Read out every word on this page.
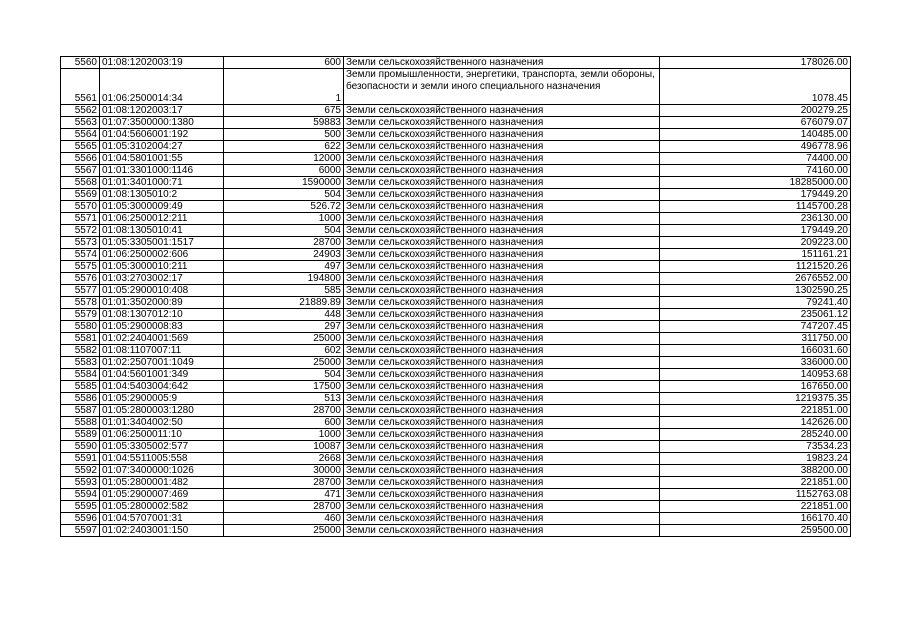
5560	01:08:1202003:19	600	Земли сельскохозяйственного назначения	178026.00
5561	01:06:2500014:34	1	Земли промышленности, энергетики, транспорта, земли обороны, безопасности и земли иного специального назначения	1078.45
5562	01:08:1202003:17	675	Земли сельскохозяйственного назначения	200279.25
5563	01:07:3500000:1380	59883	Земли сельскохозяйственного назначения	676079.07
5564	01:04:5606001:192	500	Земли сельскохозяйственного назначения	140485.00
5565	01:05:3102004:27	622	Земли сельскохозяйственного назначения	496778.96
5566	01:04:5801001:55	12000	Земли сельскохозяйственного назначения	74400.00
5567	01:01:3301000:1146	6000	Земли сельскохозяйственного назначения	74160.00
5568	01:01:3401000:71	1590000	Земли сельскохозяйственного назначения	18285000.00
5569	01:08:1305010:2	504	Земли сельскохозяйственного назначения	179449.20
5570	01:05:3000009:49	526.72	Земли сельскохозяйственного назначения	1145700.28
5571	01:06:2500012:211	1000	Земли сельскохозяйственного назначения	236130.00
5572	01:08:1305010:41	504	Земли сельскохозяйственного назначения	179449.20
5573	01:05:3305001:1517	28700	Земли сельскохозяйственного назначения	209223.00
5574	01:06:2500002:606	24903	Земли сельскохозяйственного назначения	151161.21
5575	01:05:3000010:211	497	Земли сельскохозяйственного назначения	1121520.26
5576	01:03:2703002:17	194800	Земли сельскохозяйственного назначения	2676552.00
5577	01:05:2900010:408	585	Земли сельскохозяйственного назначения	1302590.25
5578	01:01:3502000:89	21889.89	Земли сельскохозяйственного назначения	79241.40
5579	01:08:1307012:10	448	Земли сельскохозяйственного назначения	235061.12
5580	01:05:2900008:83	297	Земли сельскохозяйственного назначения	747207.45
5581	01:02:2404001:569	25000	Земли сельскохозяйственного назначения	311750.00
5582	01:08:1107007:11	602	Земли сельскохозяйственного назначения	166031.60
5583	01:02:2507001:1049	25000	Земли сельскохозяйственного назначения	336000.00
5584	01:04:5601001:349	504	Земли сельскохозяйственного назначения	140953.68
5585	01:04:5403004:642	17500	Земли сельскохозяйственного назначения	167650.00
5586	01:05:2900005:9	513	Земли сельскохозяйственного назначения	1219375.35
5587	01:05:2800003:1280	28700	Земли сельскохозяйственного назначения	221851.00
5588	01:01:3404002:50	600	Земли сельскохозяйственного назначения	142626.00
5589	01:06:2500011:10	1000	Земли сельскохозяйственного назначения	285240.00
5590	01:05:3305002:577	10087	Земли сельскохозяйственного назначения	73534.23
5591	01:04:5511005:558	2668	Земли сельскохозяйственного назначения	19823.24
5592	01:07:3400000:1026	30000	Земли сельскохозяйственного назначения	388200.00
5593	01:05:2800001:482	28700	Земли сельскохозяйственного назначения	221851.00
5594	01:05:2900007:469	471	Земли сельскохозяйственного назначения	1152763.08
5595	01:05:2800002:582	28700	Земли сельскохозяйственного назначения	221851.00
5596	01:04:5707001:31	460	Земли сельскохозяйственного назначения	166170.40
5597	01:02:2403001:150	25000	Земли сельскохозяйственного назначения	259500.00
